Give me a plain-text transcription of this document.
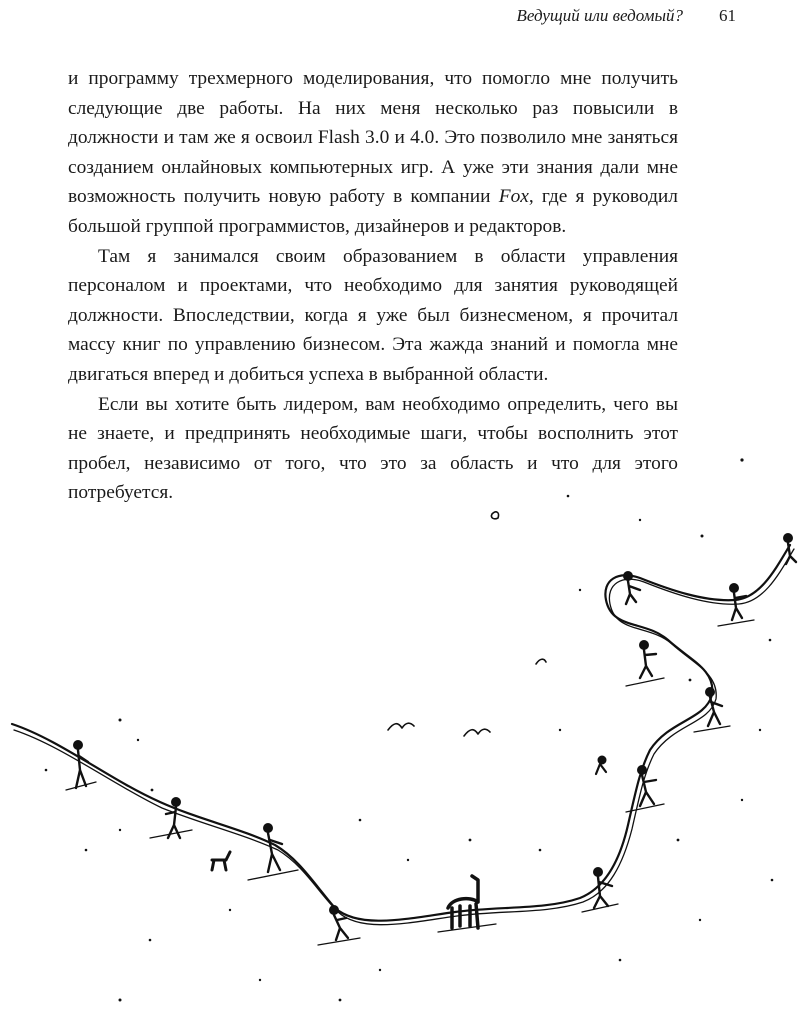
Ведущий или ведомый? 61

и программу трехмерного моделирования, что помогло мне получить следующие две работы. На них меня несколько раз повысили в должности и там же я освоил Flash 3.0 и 4.0. Это позволило мне заняться созданием онлайновых компьютерных игр. А уже эти знания дали мне возможность получить новую работу в компании Fox, где я руководил большой группой программистов, дизайнеров и редакторов.

Там я занимался своим образованием в области управления персоналом и проектами, что необходимо для занятия руководящей должности. Впоследствии, когда я уже был бизнесменом, я прочитал массу книг по управлению бизнесом. Эта жажда знаний и помогла мне двигаться вперед и добиться успеха в выбранной области.

Если вы хотите быть лидером, вам необходимо определить, чего вы не знаете, и предпринять необходимые шаги, чтобы восполнить этот пробел, независимо от того, что это за область и что для этого потребуется.
